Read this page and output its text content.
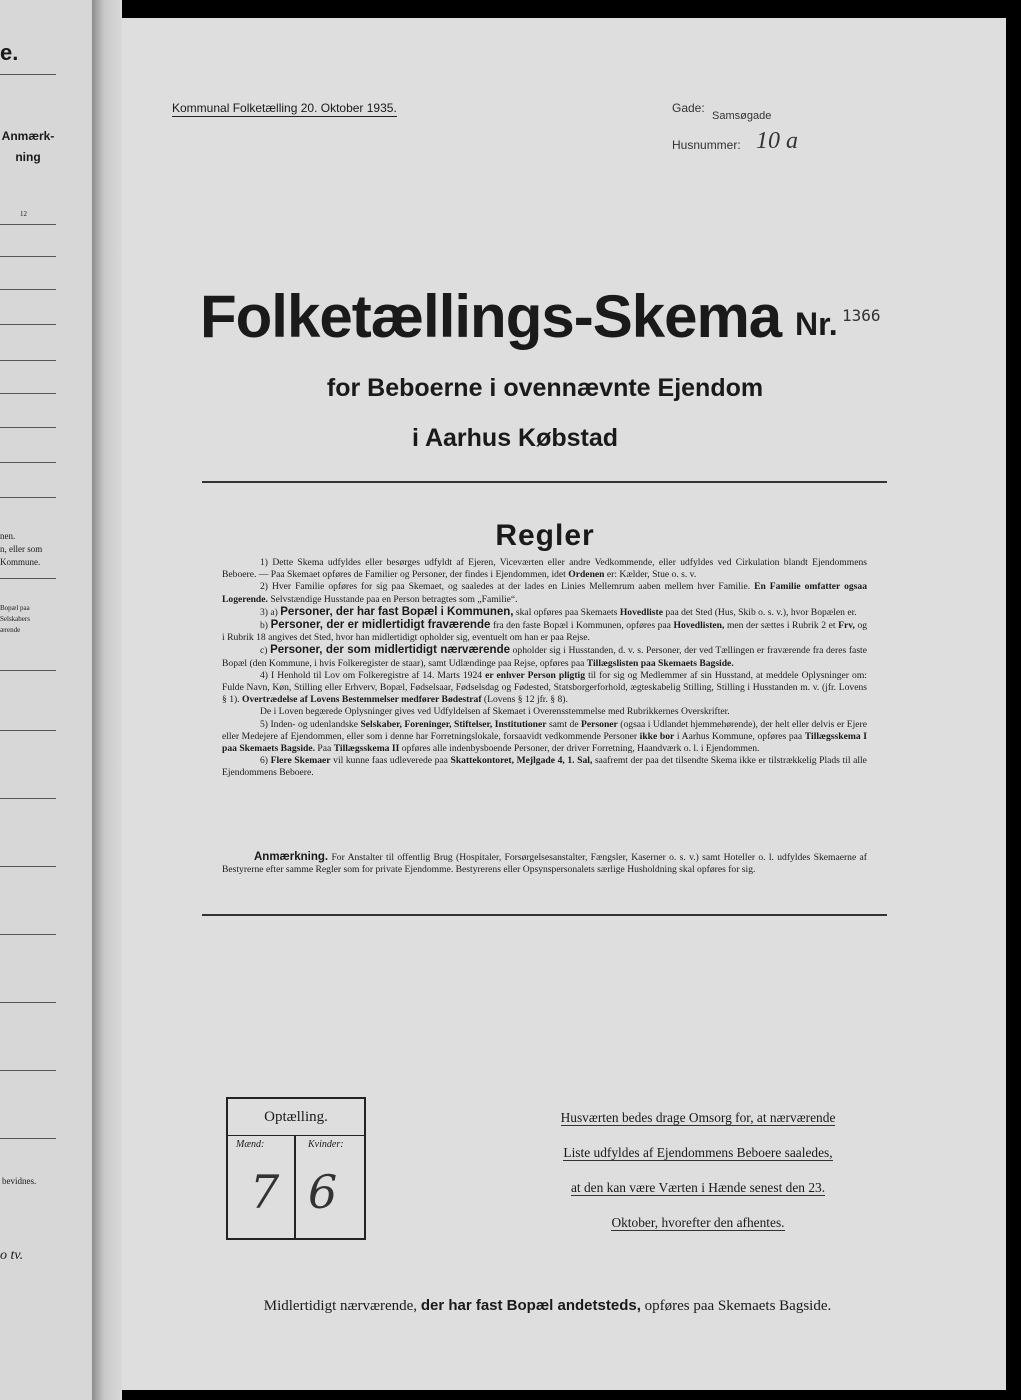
e.
Anmærk-
ning
12
nen.
n, eller som
Kommune.
Bopæl paa
Selskabers
ærende
bevidnes.
o tv.
Kommunal Folketælling 20. Oktober 1935.	Gade:
Samsøgade
Husnummer: 10 a
Folketællings-Skema Nr. 1366
for Beboerne i ovennævnte Ejendom
i Aarhus Købstad
Regler

1) Dette Skema udfyldes eller besørges udfyldt af Ejeren, Viceværten eller andre Vedkommende, eller udfyldes ved Cirkulation blandt Ejendommens Beboere. — Paa Skemaet opføres de Familier og Personer, der findes i Ejendommen, idet Ordenen er: Kælder, Stue o. s. v.

2) Hver Familie opføres for sig paa Skemaet, og saaledes at der lades en Linies Mellemrum aaben mellem hver Familie. En Familie omfatter ogsaa Logerende. Selvstændige Husstande paa en Person betragtes som „Familie“.

3) a) Personer, der har fast Bopæl i Kommunen, skal opføres paa Skemaets Hovedliste paa det Sted (Hus, Skib o. s. v.), hvor Bopælen er.

b) Personer, der er midlertidigt fraværende fra den faste Bopæl i Kommunen, opføres paa Hovedlisten, men der sættes i Rubrik 2 et Frv, og i Rubrik 18 angives det Sted, hvor han midlertidigt opholder sig, eventuelt om han er paa Rejse.

c) Personer, der som midlertidigt nærværende opholder sig i Husstanden, d. v. s. Personer, der ved Tællingen er fraværende fra deres faste Bopæl (den Kommune, i hvis Folkeregister de staar), samt Udlændinge paa Rejse, opføres paa Tillægslisten paa Skemaets Bagside.

4) I Henhold til Lov om Folkeregistre af 14. Marts 1924 er enhver Person pligtig til for sig og Medlemmer af sin Husstand, at meddele Oplysninger om: Fulde Navn, Køn, Stilling eller Erhverv, Bopæl, Fødselsaar, Fødselsdag og Fødested, Statsborgerforhold, ægteskabelig Stilling, Stilling i Husstanden m. v. (jfr. Lovens § 1). Overtrædelse af Lovens Bestemmelser medfører Bødestraf (Lovens § 12 jfr. § 8).

De i Loven begærede Oplysninger gives ved Udfyldelsen af Skemaet i Overensstemmelse med Rubrikkernes Overskrifter.

5) Inden- og udenlandske Selskaber, Foreninger, Stiftelser, Institutioner samt de Personer (ogsaa i Udlandet hjemmehørende), der helt eller delvis er Ejere eller Medejere af Ejendommen, eller som i denne har Forretningslokale, forsaavidt vedkommende Personer ikke bor i Aarhus Kommune, opføres paa Tillægsskema I paa Skemaets Bagside. Paa Tillægsskema II opføres alle indenbysboende Personer, der driver Forretning, Haandværk o. l. i Ejendommen.

6) Flere Skemaer vil kunne faas udleverede paa Skattekontoret, Mejlgade 4, 1. Sal, saafremt der paa det tilsendte Skema ikke er tilstrækkelig Plads til alle Ejendommens Beboere.

Anmærkning. For Anstalter til offentlig Brug (Hospitaler, Forsørgelsesanstalter, Fængsler, Kaserner o. s. v.) samt Hoteller o. l. udfyldes Skemaerne af Bestyrerne efter samme Regler som for private Ejendomme. Bestyrerens eller Opsynspersonalets særlige Husholdning skal opføres for sig.

Optælling.
Mænd:	Kvinder:
7 6
Husværten bedes drage Omsorg for, at nærværende
Liste udfyldes af Ejendommens Beboere saaledes,
at den kan være Værten i Hænde senest den 23.
Oktober, hvorefter den afhentes.
Midlertidigt nærværende, der har fast Bopæl andetsteds, opføres paa Skemaets Bagside.
